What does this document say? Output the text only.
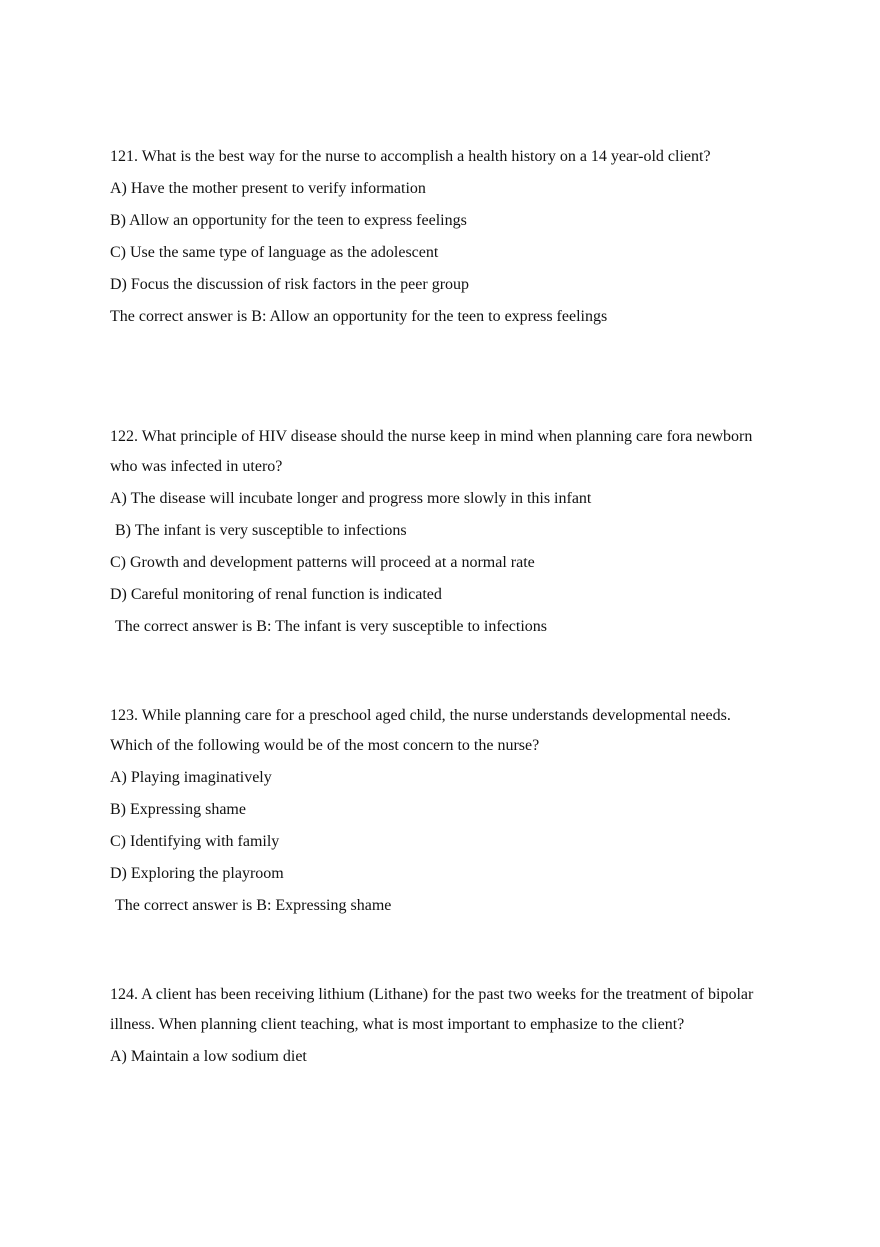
121. What is the best way for the nurse to accomplish a health history on a 14 year-old client?
A) Have the mother present to verify information
B) Allow an opportunity for the teen to express feelings
C) Use the same type of language as the adolescent
D) Focus the discussion of risk factors in the peer group
The correct answer is B: Allow an opportunity for the teen to express feelings
122. What principle of HIV disease should the nurse keep in mind when planning care fora newborn who was infected in utero?
A) The disease will incubate longer and progress more slowly in this infant
B) The infant is very susceptible to infections
C) Growth and development patterns will proceed at a normal rate
D) Careful monitoring of renal function is indicated
The correct answer is B: The infant is very susceptible to infections
123. While planning care for a preschool aged child, the nurse understands developmental needs. Which of the following would be of the most concern to the nurse?
A) Playing imaginatively
B) Expressing shame
C) Identifying with family
D) Exploring the playroom
The correct answer is B: Expressing shame
124. A client has been receiving lithium (Lithane) for the past two weeks for the treatment of bipolar illness. When planning client teaching, what is most important to emphasize to the client?
A) Maintain a low sodium diet
